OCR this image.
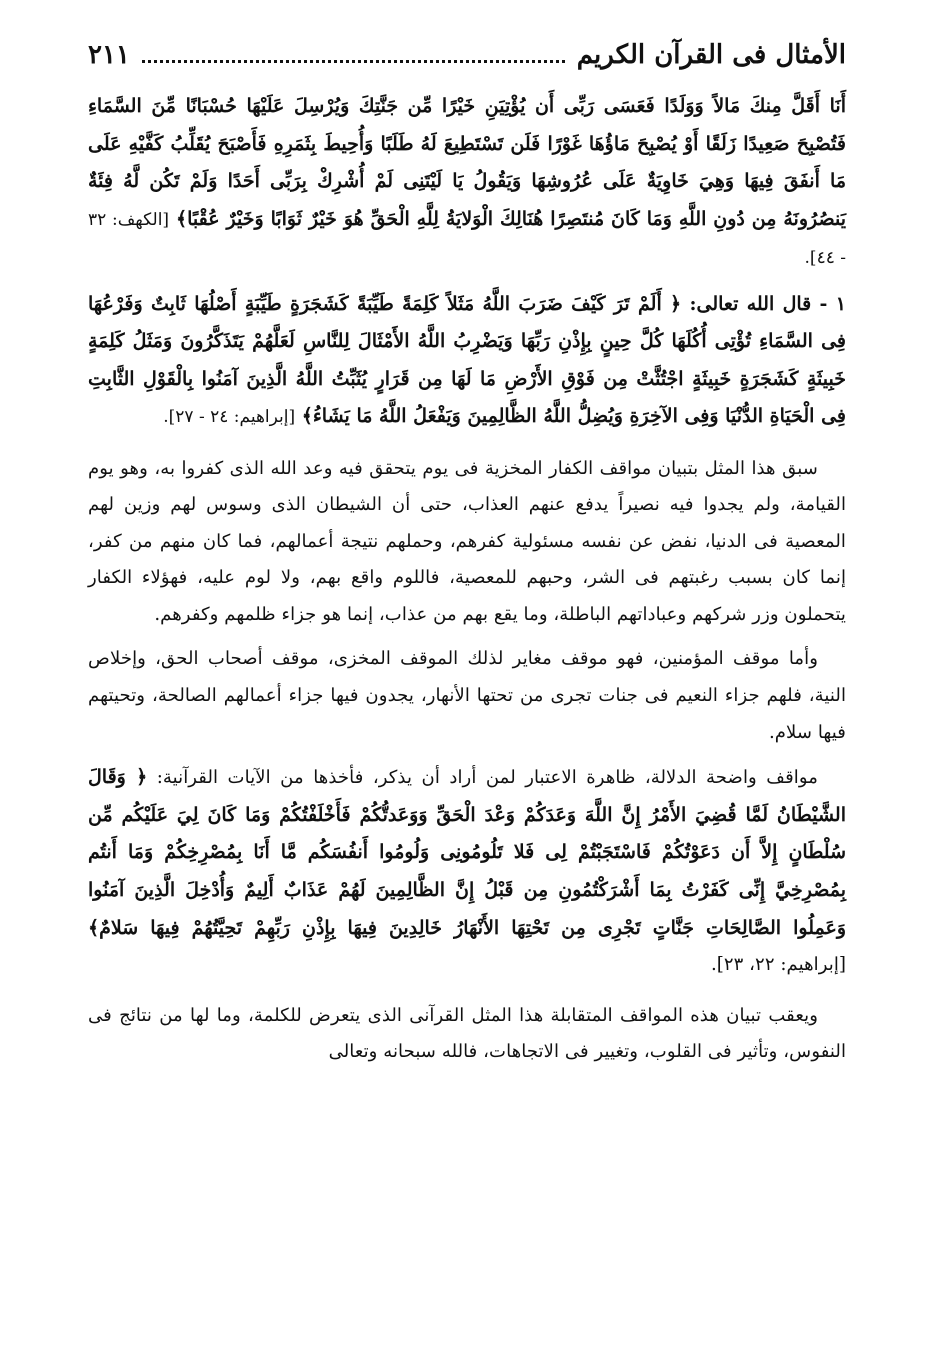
الأمثال فى القرآن الكريم
٢١١
أَنَا أَقَلَّ مِنكَ مَالاً وَوَلَدًا فَعَسَى رَبِّى أَن يُؤْتِيَنِ خَيْرًا مِّن جَنَّتِكَ وَيُرْسِلَ عَلَيْهَا حُسْبَانًا مِّنَ السَّمَاءِ فَتُصْبِحَ صَعِيدًا زَلَقًا أَوْ يُصْبِحَ مَاؤُهَا غَوْرًا فَلَن تَسْتَطِيعَ لَهُ طَلَبًا وَأُحِيطَ بِثَمَرِهِ فَأَصْبَحَ يُقَلِّبُ كَفَّيْهِ عَلَى مَا أَنفَقَ فِيهَا وَهِيَ خَاوِيَةٌ عَلَى عُرُوشِهَا وَيَقُولُ يَا لَيْتَنِى لَمْ أُشْرِكْ بِرَبِّى أَحَدًا وَلَمْ تَكُن لَّهُ فِئَةٌ يَنصُرُونَهُ مِن دُونِ اللَّهِ وَمَا كَانَ مُنتَصِرًا هُنَالِكَ الْوَلايَةُ لِلَّهِ الْحَقِّ هُوَ خَيْرٌ ثَوَابًا وَخَيْرٌ عُقْبًا﴾ [الكهف: ٣٢ - ٤٤].
١ - قال الله تعالى: ﴿ أَلَمْ تَرَ كَيْفَ ضَرَبَ اللَّهُ مَثَلاً كَلِمَةً طَيِّبَةً كَشَجَرَةٍ طَيِّبَةٍ أَصْلُهَا ثَابِتٌ وَفَرْعُهَا فِى السَّمَاءِ تُؤْتِى أُكُلَهَا كُلَّ حِينٍ بِإِذْنِ رَبِّهَا وَيَضْرِبُ اللَّهُ الأَمْثَالَ لِلنَّاسِ لَعَلَّهُمْ يَتَذَكَّرُونَ وَمَثَلُ كَلِمَةٍ خَبِيثَةٍ كَشَجَرَةٍ خَبِيثَةٍ اجْتُثَّتْ مِن فَوْقِ الأَرْضِ مَا لَهَا مِن قَرَارٍ يُثَبِّتُ اللَّهُ الَّذِينَ آمَنُوا بِالْقَوْلِ الثَّابِتِ فِى الْحَيَاةِ الدُّنْيَا وَفِى الآخِرَةِ وَيُضِلُّ اللَّهُ الظَّالِمِينَ وَيَفْعَلُ اللَّهُ مَا يَشَاءُ﴾ [إبراهيم: ٢٤ - ٢٧].
سبق هذا المثل بتبيان مواقف الكفار المخزية فى يوم يتحقق فيه وعد الله الذى كفروا به، وهو يوم القيامة، ولم يجدوا فيه نصيراً يدفع عنهم العذاب، حتى أن الشيطان الذى وسوس لهم وزين لهم المعصية فى الدنيا، نفض عن نفسه مسئولية كفرهم، وحملهم نتيجة أعمالهم، فما كان منهم من كفر، إنما كان بسبب رغبتهم فى الشر، وحبهم للمعصية، فاللوم واقع بهم، ولا لوم عليه، فهؤلاء الكفار يتحملون وزر شركهم وعباداتهم الباطلة، وما يقع بهم من عذاب، إنما هو جزاء ظلمهم وكفرهم.
وأما موقف المؤمنين، فهو موقف مغاير لذلك الموقف المخزى، موقف أصحاب الحق، وإخلاص النية، فلهم جزاء النعيم فى جنات تجرى من تحتها الأنهار، يجدون فيها جزاء أعمالهم الصالحة، وتحيتهم فيها سلام.
مواقف واضحة الدلالة، ظاهرة الاعتبار لمن أراد أن يذكر، فأخذها من الآيات القرآنية: ﴿ وَقَالَ الشَّيْطَانُ لَمَّا قُضِيَ الأَمْرُ إِنَّ اللَّهَ وَعَدَكُمْ وَعْدَ الْحَقِّ وَوَعَدتُّكُمْ فَأَخْلَفْتُكُمْ وَمَا كَانَ لِيَ عَلَيْكُم مِّن سُلْطَانٍ إِلاَّ أَن دَعَوْتُكُمْ فَاسْتَجَبْتُمْ لِى فَلا تَلُومُونِى وَلُومُوا أَنفُسَكُم مَّا أَنَا بِمُصْرِخِكُمْ وَمَا أَنتُم بِمُصْرِخِيَّ إِنِّى كَفَرْتُ بِمَا أَشْرَكْتُمُونِ مِن قَبْلُ إِنَّ الظَّالِمِينَ لَهُمْ عَذَابٌ أَلِيمٌ وَأُدْخِلَ الَّذِينَ آمَنُوا وَعَمِلُوا الصَّالِحَاتِ جَنَّاتٍ تَجْرِى مِن تَحْتِهَا الأَنْهَارُ خَالِدِينَ فِيهَا بِإِذْنِ رَبِّهِمْ تَحِيَّتُهُمْ فِيهَا سَلامٌ﴾ [إبراهيم: ٢٢، ٢٣].
ويعقب تبيان هذه المواقف المتقابلة هذا المثل القرآنى الذى يتعرض للكلمة، وما لها من نتائج فى النفوس، وتأثير فى القلوب، وتغيير فى الاتجاهات، فالله سبحانه وتعالى
